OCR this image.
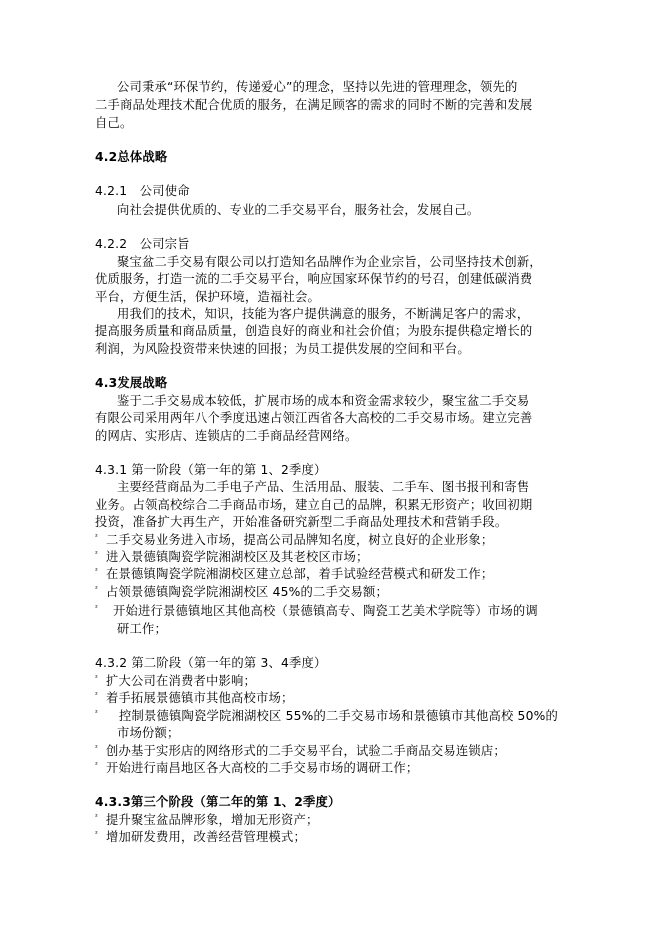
公司秉承“环保节约，传递爱心”的理念，坚持以先进的管理理念，领先的
二手商品处理技术配合优质的服务，在满足顾客的需求的同时不断的完善和发展
自己。
4.2总体战略
4.2.1　公司使命
向社会提供优质的、专业的二手交易平台，服务社会，发展自己。
4.2.2　公司宗旨
聚宝盆二手交易有限公司以打造知名品牌作为企业宗旨，公司坚持技术创新，
优质服务，打造一流的二手交易平台，响应国家环保节约的号召，创建低碳消费
平台，方便生活，保护环境，造福社会。
用我们的技术，知识，技能为客户提供满意的服务，不断满足客户的需求，
提高服务质量和商品质量，创造良好的商业和社会价值；为股东提供稳定增长的
利润，为风险投资带来快速的回报；为员工提供发展的空间和平台。
4.3发展战略
鉴于二手交易成本较低，扩展市场的成本和资金需求较少，聚宝盆二手交易
有限公司采用两年八个季度迅速占领江西省各大高校的二手交易市场。建立完善
的网店、实形店、连锁店的二手商品经营网络。
4.3.1 第一阶段（第一年的第 1、2季度）
主要经营商品为二手电子产品、生活用品、服装、二手车、图书报刊和寄售
业务。占领高校综合二手商品市场，建立自己的品牌，积累无形资产；收回初期
投资，准备扩大再生产，开始准备研究新型二手商品处理技术和营销手段。
² 二手交易业务进入市场，提高公司品牌知名度，树立良好的企业形象；
² 进入景德镇陶瓷学院湘湖校区及其老校区市场；
² 在景德镇陶瓷学院湘湖校区建立总部，着手试验经营模式和研发工作；
² 占领景德镇陶瓷学院湘湖校区 45%的二手交易额；
² 开始进行景德镇地区其他高校（景德镇高专、陶瓷工艺美术学院等）市场的调
研工作；
4.3.2 第二阶段（第一年的第 3、4季度）
² 扩大公司在消费者中影响；
² 着手拓展景德镇市其他高校市场；
² 控制景德镇陶瓷学院湘湖校区 55%的二手交易市场和景德镇市其他高校 50%的
市场份额；
² 创办基于实形店的网络形式的二手交易平台，试验二手商品交易连锁店；
² 开始进行南昌地区各大高校的二手交易市场的调研工作；
4.3.3第三个阶段（第二年的第 1、2季度）
² 提升聚宝盆品牌形象，增加无形资产；
² 增加研发费用，改善经营管理模式；
